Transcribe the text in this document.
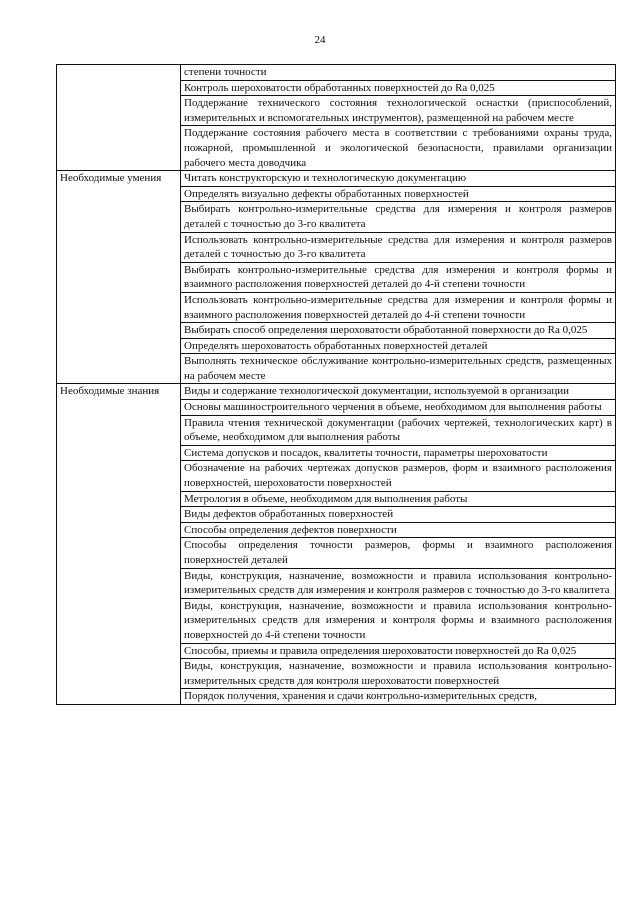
24
	степени точности
	Контроль шероховатости обработанных поверхностей до Ra 0,025
	Поддержание технического состояния технологической оснастки (приспособлений, измерительных и вспомогательных инструментов), размещенной на рабочем месте
	Поддержание состояния рабочего места в соответствии с требованиями охраны труда, пожарной, промышленной и экологической безопасности, правилами организации рабочего места доводчика

Необходимые умения	Читать конструкторскую и технологическую документацию
	Определять визуально дефекты обработанных поверхностей
	Выбирать контрольно-измерительные средства для измерения и контроля размеров деталей с точностью до 3-го квалитета
	Использовать контрольно-измерительные средства для измерения и контроля размеров деталей с точностью до 3-го квалитета
	Выбирать контрольно-измерительные средства для измерения и контроля формы и взаимного расположения поверхностей деталей до 4-й степени точности
	Использовать контрольно-измерительные средства для измерения и контроля формы и взаимного расположения поверхностей деталей до 4-й степени точности
	Выбирать способ определения шероховатости обработанной поверхности до Ra 0,025
	Определять шероховатость обработанных поверхностей деталей
	Выполнять техническое обслуживание контрольно-измерительных средств, размещенных на рабочем месте

Необходимые знания	Виды и содержание технологической документации, используемой в организации
	Основы машиностроительного черчения в объеме, необходимом для выполнения работы
	Правила чтения технической документации (рабочих чертежей, технологических карт) в объеме, необходимом для выполнения работы
	Система допусков и посадок, квалитеты точности, параметры шероховатости
	Обозначение на рабочих чертежах допусков размеров, форм и взаимного расположения поверхностей, шероховатости поверхностей
	Метрология в объеме, необходимом для выполнения работы
	Виды дефектов обработанных поверхностей
	Способы определения дефектов поверхности
	Способы определения точности размеров, формы и взаимного расположения поверхностей деталей
	Виды, конструкция, назначение, возможности и правила использования контрольно-измерительных средств для измерения и контроля размеров с точностью до 3-го квалитета
	Виды, конструкция, назначение, возможности и правила использования контрольно-измерительных средств для измерения и контроля формы и взаимного расположения поверхностей до 4-й степени точности
	Способы, приемы и правила определения шероховатости поверхностей до Ra 0,025
	Виды, конструкция, назначение, возможности и правила использования контрольно-измерительных средств для контроля шероховатости поверхностей
	Порядок получения, хранения и сдачи контрольно-измерительных средств,
